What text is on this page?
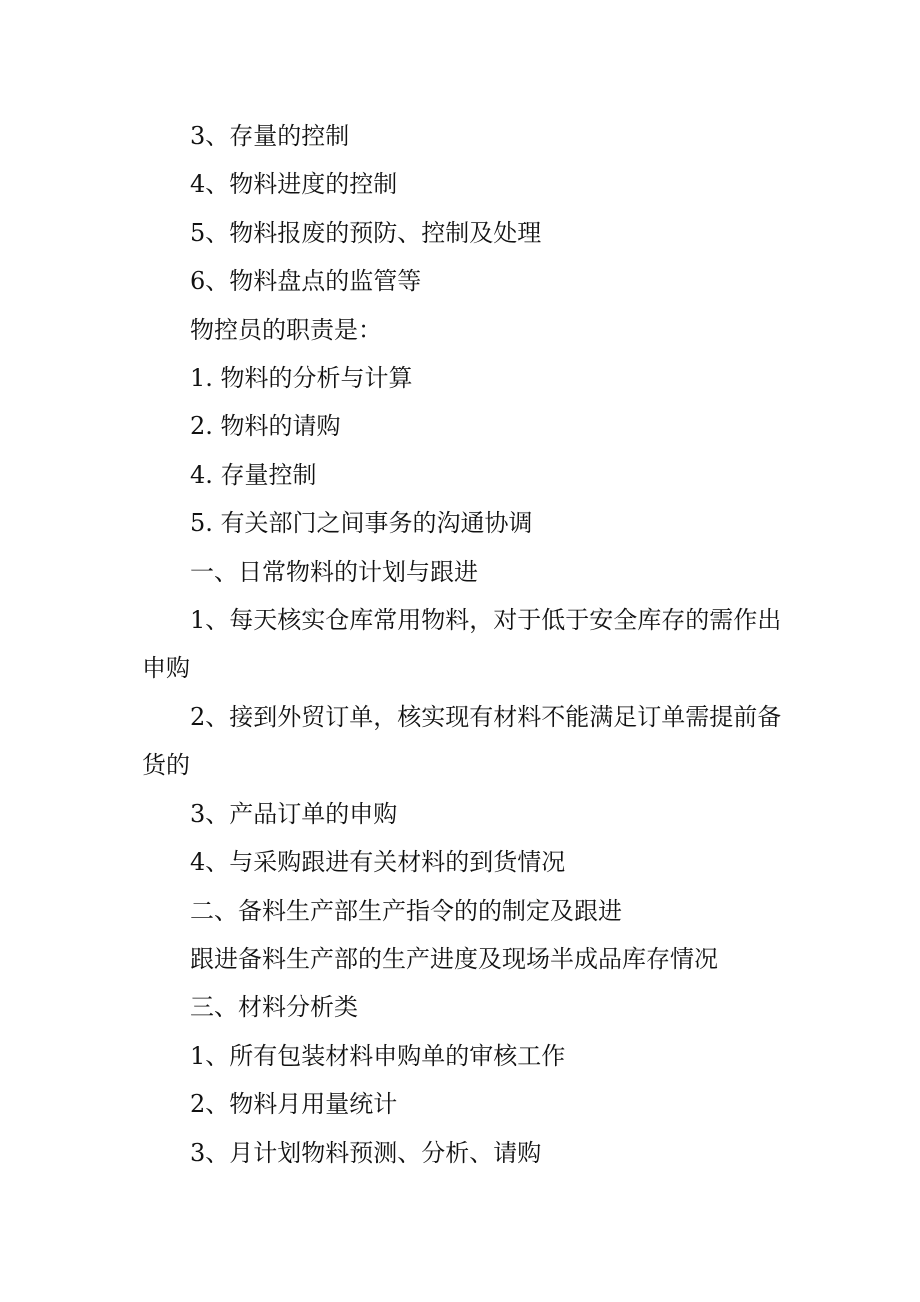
3、存量的控制

4、物料进度的控制

5、物料报废的预防、控制及处理

6、物料盘点的监管等

物控员的职责是：

1. 物料的分析与计算

2. 物料的请购

4. 存量控制

5. 有关部门之间事务的沟通协调

一、日常物料的计划与跟进

1、每天核实仓库常用物料，对于低于安全库存的需作出申购

2、接到外贸订单，核实现有材料不能满足订单需提前备货的

3、产品订单的申购

4、与采购跟进有关材料的到货情况

二、备料生产部生产指令的的制定及跟进

跟进备料生产部的生产进度及现场半成品库存情况

三、材料分析类

1、所有包装材料申购单的审核工作

2、物料月用量统计

3、月计划物料预测、分析、请购
